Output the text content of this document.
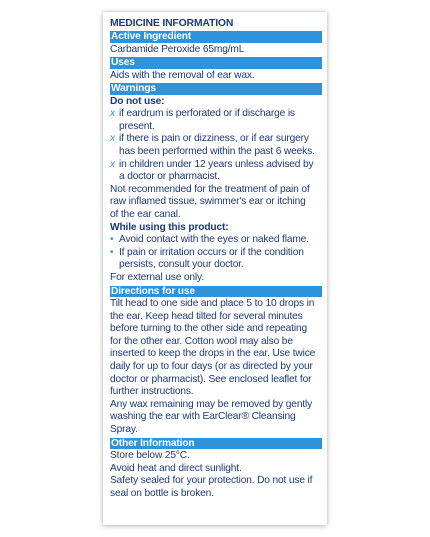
MEDICINE INFORMATION
Active Ingredient
Carbamide Peroxide 65mg/mL
Uses
Aids with the removal of ear wax.
Warnings
Do not use:
x if eardrum is perforated or if discharge is
present.
x if there is pain or dizziness, or if ear surgery
has been performed within the past 6 weeks.
x in children under 12 years unless advised by
a doctor or pharmacist.
Not recommended for the treatment of pain of
raw inflamed tissue, swimmer's ear or itching
of the ear canal.
While using this product:
• Avoid contact with the eyes or naked flame.
• If pain or irritation occurs or if the condition
persists, consult your doctor.
For external use only.
Directions for use
Tilt head to one side and place 5 to 10 drops in
the ear. Keep head tilted for several minutes
before turning to the other side and repeating
for the other ear. Cotton wool may also be
inserted to keep the drops in the ear. Use twice
daily for up to four days (or as directed by your
doctor or pharmacist). See enclosed leaflet for
further instructions.
Any wax remaining may be removed by gently
washing the ear with EarClear® Cleansing
Spray.
Other Information
Store below 25°C.
Avoid heat and direct sunlight.
Safety sealed for your protection. Do not use if
seal on bottle is broken.
